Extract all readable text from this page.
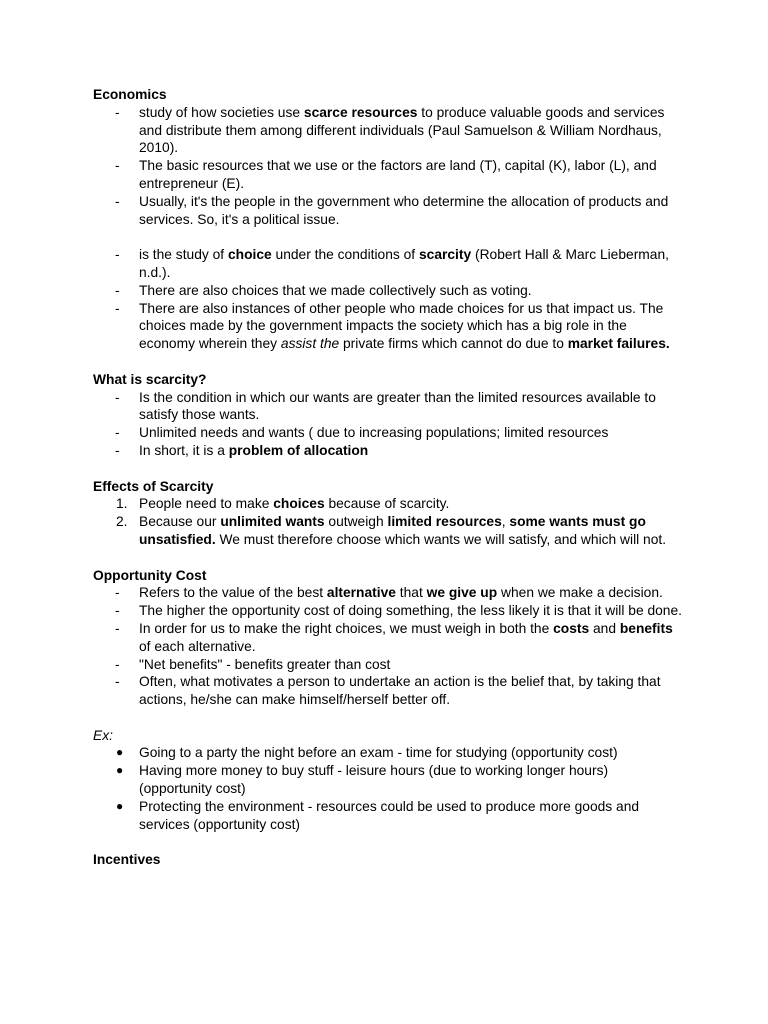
Economics

- study of how societies use scarce resources to produce valuable goods and services and distribute them among different individuals (Paul Samuelson & William Nordhaus, 2010).
- The basic resources that we use or the factors are land (T), capital (K), labor (L), and entrepreneur (E).
- Usually, it's the people in the government who determine the allocation of products and services. So, it's a political issue.
- is the study of choice under the conditions of scarcity (Robert Hall & Marc Lieberman, n.d.).
- There are also choices that we made collectively such as voting.
- There are also instances of other people who made choices for us that impact us. The choices made by the government impacts the society which has a big role in the economy wherein they assist the private firms which cannot do due to market failures.

What is scarcity?

- Is the condition in which our wants are greater than the limited resources available to satisfy those wants.
- Unlimited needs and wants ( due to increasing populations; limited resources
- In short, it is a problem of allocation

Effects of Scarcity

1. People need to make choices because of scarcity.
2. Because our unlimited wants outweigh limited resources, some wants must go unsatisfied. We must therefore choose which wants we will satisfy, and which will not.

Opportunity Cost

- Refers to the value of the best alternative that we give up when we make a decision.
- The higher the opportunity cost of doing something, the less likely it is that it will be done.
- In order for us to make the right choices, we must weigh in both the costs and benefits of each alternative.
- "Net benefits" - benefits greater than cost
- Often, what motivates a person to undertake an action is the belief that, by taking that actions, he/she can make himself/herself better off.

Ex:

● Going to a party the night before an exam - time for studying (opportunity cost)
● Having more money to buy stuff - leisure hours (due to working longer hours) (opportunity cost)
● Protecting the environment - resources could be used to produce more goods and services (opportunity cost)

Incentives
